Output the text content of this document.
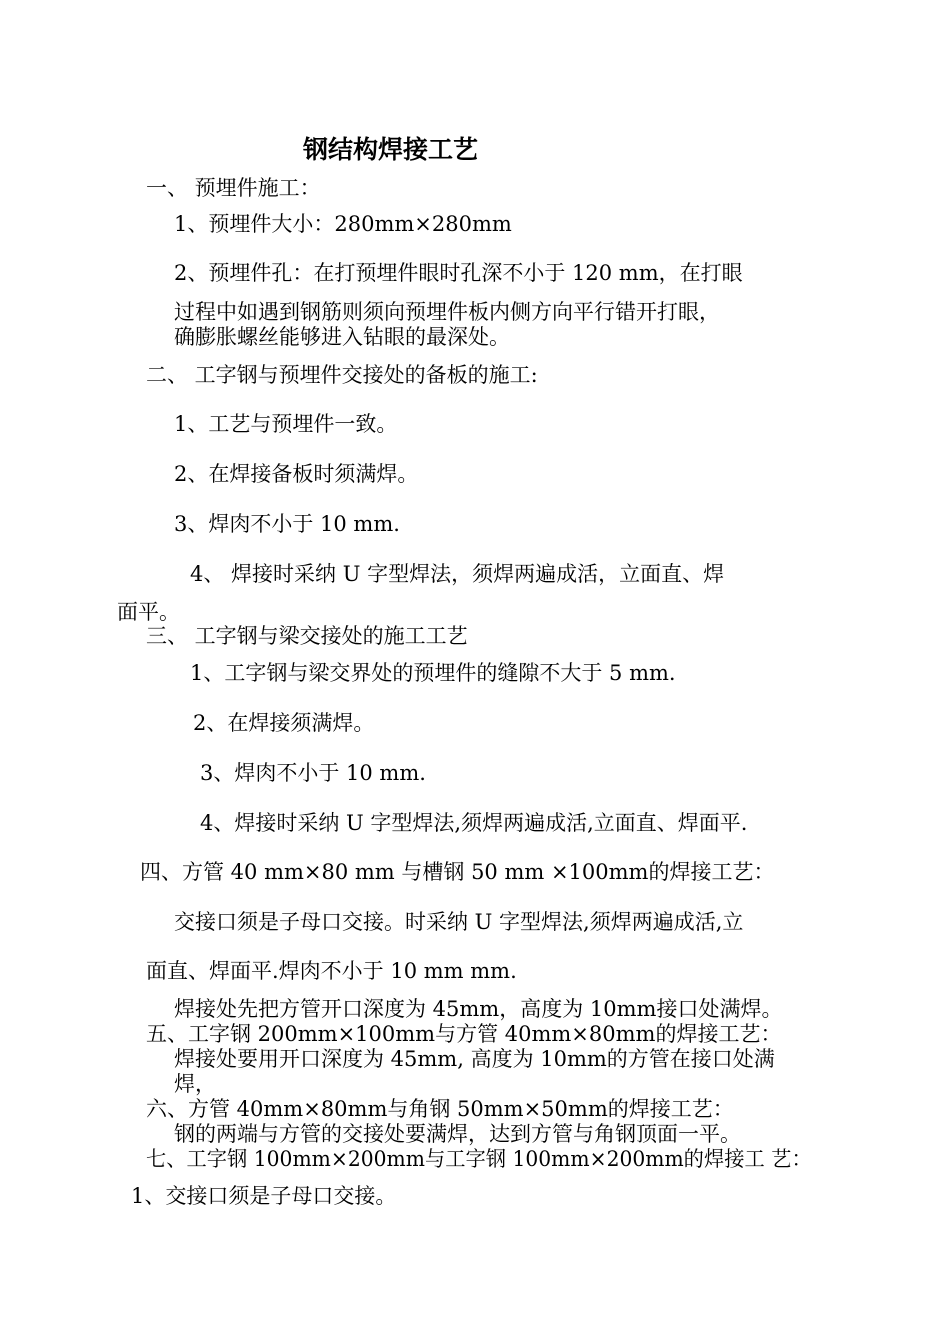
钢结构焊接工艺
一、 预埋件施工：
1、预埋件大小：280mm×280mm
2、预埋件孔：在打预埋件眼时孔深不小于 120 mm，在打眼
过程中如遇到钢筋则须向预埋件板内侧方向平行错开打眼，
确膨胀螺丝能够进入钻眼的最深处。
二、 工字钢与预埋件交接处的备板的施工:
1、工艺与预埋件一致。
2、在焊接备板时须满焊。
3、焊肉不小于 10 mm.
4、 焊接时采纳 U 字型焊法，须焊两遍成活，立面直、焊
面平。
三、 工字钢与梁交接处的施工工艺
1、工字钢与梁交界处的预埋件的缝隙不大于 5 mm.
2、在焊接须满焊。
3、焊肉不小于 10 mm.
4、焊接时采纳 U 字型焊法,须焊两遍成活,立面直、焊面平.
四、方管 40 mm×80 mm 与槽钢 50 mm ×100mm的焊接工艺：
交接口须是子母口交接。时采纳 U 字型焊法,须焊两遍成活,立
面直、焊面平.焊肉不小于 10 mm mm.
焊接处先把方管开口深度为 45mm，高度为 10mm接口处满焊。
五、工字钢 200mm×100mm与方管 40mm×80mm的焊接工艺：
焊接处要用开口深度为 45mm, 高度为 10mm的方管在接口处满
焊，
六、方管 40mm×80mm与角钢 50mm×50mm的焊接工艺：
钢的两端与方管的交接处要满焊，达到方管与角钢顶面一平。
七、工字钢 100mm×200mm与工字钢 100mm×200mm的焊接工 艺：
1、交接口须是子母口交接。
